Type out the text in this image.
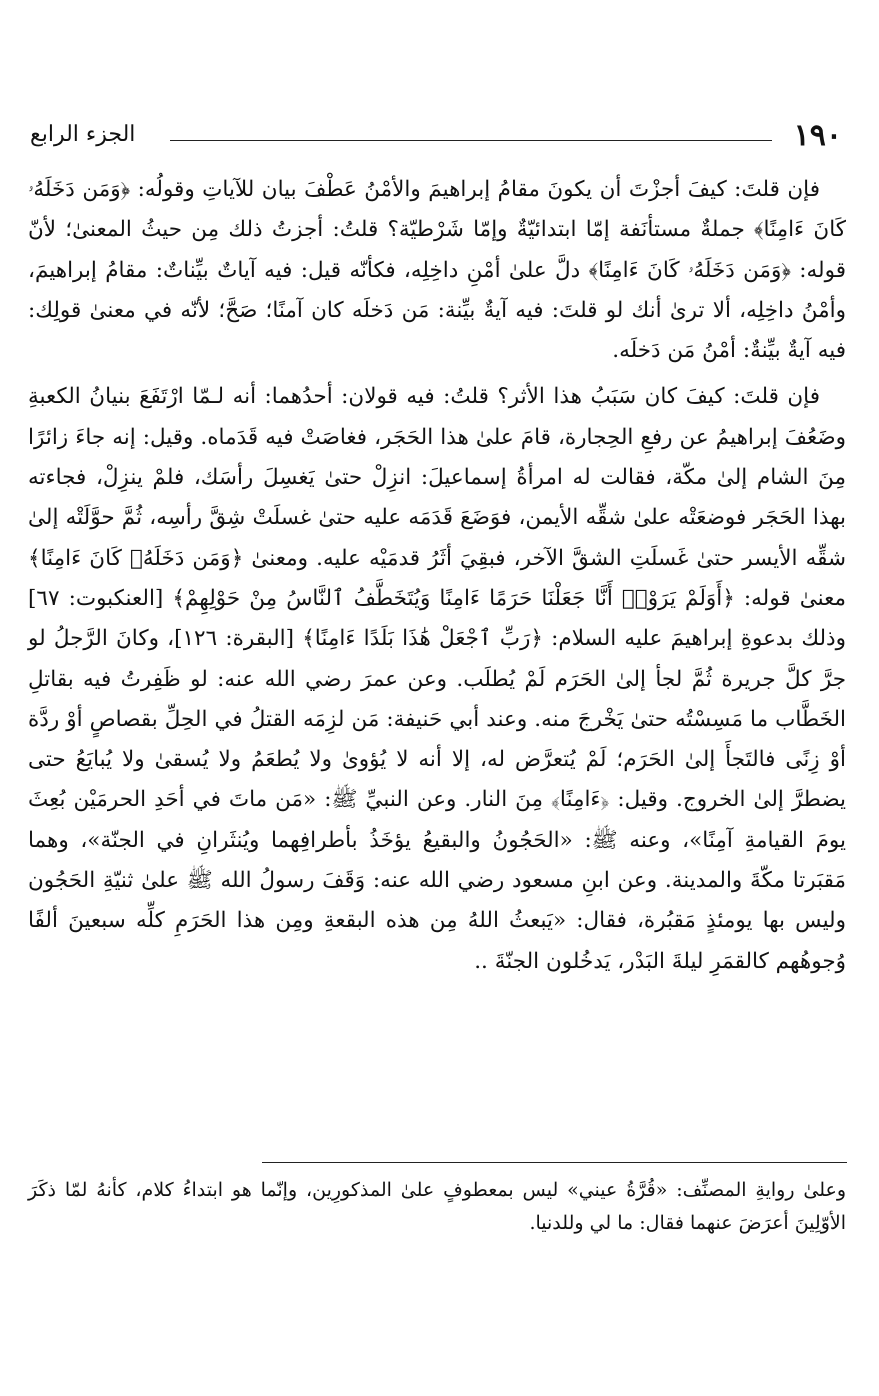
١٩٠
الجزء الرابع

فإن قلتَ: كيفَ أجزْتَ أن يكونَ مقامُ إبراهيمَ والأمْنُ عَطْفَ بيان للآياتِ وقولُه: ﴿وَمَن دَخَلَهُۥ كَانَ ءَامِنًا﴾ جملةٌ مستأنَفة إمّا ابتدائيّةٌ وإمّا شَرْطيّة؟ قلتُ: أجزتُ ذلك مِن حيثُ المعنىٰ؛ لأنّ قوله: ﴿وَمَن دَخَلَهُۥ كَانَ ءَامِنًا﴾ دلَّ علىٰ أمْنِ داخِلِه، فكأنّه قيل: فيه آياتٌ بيِّناتٌ: مقامُ إبراهيمَ، وأمْنُ داخِلِه، ألا ترىٰ أنك لو قلتَ: فيه آيةٌ بيِّنة: مَن دَخلَه كان آمنًا؛ صَحَّ؛ لأنّه في معنىٰ قولِك: فيه آيةٌ بيِّنةٌ: أمْنُ مَن دَخلَه.

فإن قلتَ: كيفَ كان سَبَبُ هذا الأثر؟ قلتُ: فيه قولان: أحدُهما: أنه لـمّا ارْتَفَعَ بنيانُ الكعبةِ وضَعُفَ إبراهيمُ عن رفعِ الحِجارة، قامَ علىٰ هذا الحَجَر، فغاصَتْ فيه قَدَماه. وقيل: إنه جاءَ زائرًا مِنَ الشام إلىٰ مكّة، فقالت له امرأةُ إسماعيلَ: انزِلْ حتىٰ يَغسِلَ رأسَك، فلمْ ينزِلْ، فجاءته بهذا الحَجَر فوضعَتْه علىٰ شقِّه الأيمن، فوَضَعَ قَدَمَه عليه حتىٰ غسلَتْ شِقَّ رأسِه، ثُمَّ حوَّلَتْه إلىٰ شقِّه الأيسر حتىٰ غَسلَتِ الشقَّ الآخر، فبقِيَ أثَرُ قدمَيْه عليه. ومعنىٰ ﴿وَمَن دَخَلَهُۥ كَانَ ءَامِنًا﴾ معنىٰ قوله: ﴿أَوَلَمْ يَرَوْا۟ أَنَّا جَعَلْنَا حَرَمًا ءَامِنًا وَيُتَخَطَّفُ ٱلنَّاسُ مِنْ حَوْلِهِمْ﴾ [العنكبوت: ٦٧] وذلك بدعوةِ إبراهيمَ عليه السلام: ﴿رَبِّ ٱجْعَلْ هَٰذَا بَلَدًا ءَامِنًا﴾ [البقرة: ١٢٦]، وكانَ الرَّجلُ لو جرَّ كلَّ جريرة ثُمَّ لجأ إلىٰ الحَرَم لَمْ يُطلَب. وعن عمرَ رضي الله عنه: لو ظَفِرتُ فيه بقاتلِ الخَطَّاب ما مَسِسْتُه حتىٰ يَخْرجَ منه. وعند أبي حَنيفة: مَن لزِمَه القتلُ في الحِلِّ بقصاصٍ أوْ ردَّة أوْ زِنًى فالتَجأَ إلىٰ الحَرَم؛ لَمْ يُتعرَّض له، إلا أنه لا يُؤوىٰ ولا يُطعَمُ ولا يُسقىٰ ولا يُبايَعُ حتى يضطرَّ إلىٰ الخروج. وقيل: ﴿ءَامِنًا﴾ مِنَ النار. وعن النبيِّ ﷺ: «مَن ماتَ في أحَدِ الحرمَيْن بُعِثَ يومَ القيامةِ آمِنًا»، وعنه ﷺ: «الحَجُونُ والبقيعُ يؤخَذُ بأطرافِهما ويُنثَرانِ في الجنّة»، وهما مَقبَرتا مكّةَ والمدينة. وعن ابنِ مسعود رضي الله عنه: وَقَفَ رسولُ الله ﷺ علىٰ ثنيّةِ الحَجُون وليس بها يومئذٍ مَقبُرة، فقال: «يَبعثُ اللهُ مِن هذه البقعةِ ومِن هذا الحَرَمِ كلِّه سبعينَ ألفًا وُجوهُهم كالقمَرِ ليلةَ البَدْر، يَدخُلون الجنّةَ ..

وعلىٰ روايةِ المصنِّف: «قُرَّةُ عيني» ليس بمعطوفٍ علىٰ المذكورِين، وإنّما هو ابتداءُ كلام، كأنهُ لمّا ذكَرَ الأوّلِينَ أعرَضَ عنهما فقال: ما لي وللدنيا.
